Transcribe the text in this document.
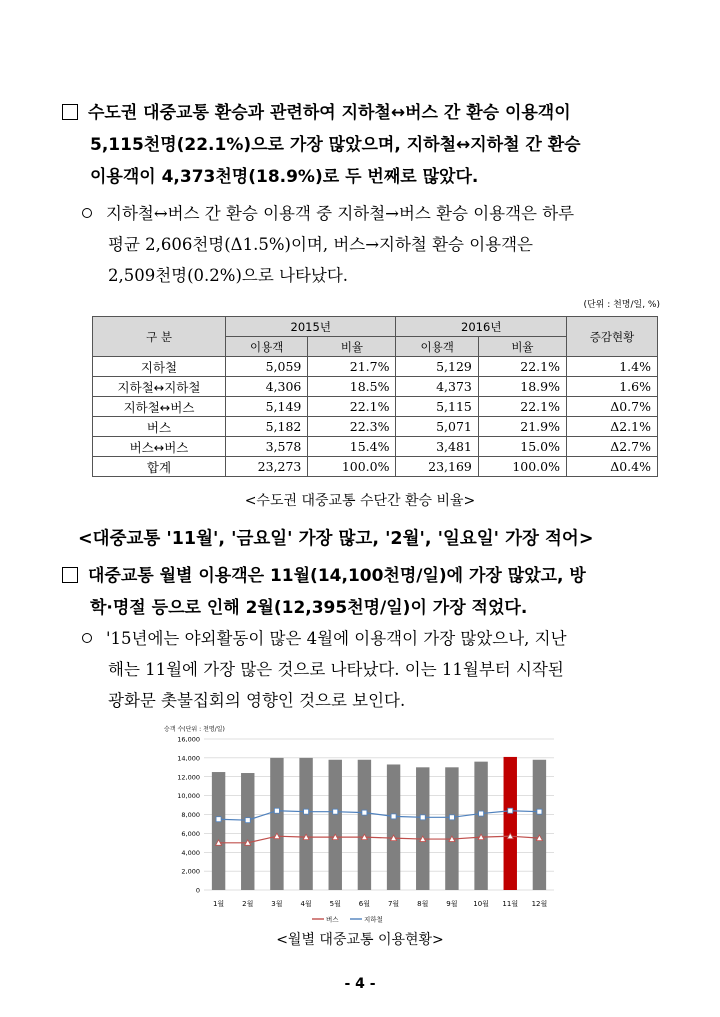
수도권 대중교통 환승과 관련하여 지하철↔버스 간 환승 이용객이
5,115천명(22.1%)으로 가장 많았으며, 지하철↔지하철 간 환승
이용객이 4,373천명(18.9%)로 두 번째로 많았다.
지하철↔버스 간 환승 이용객 중 지하철→버스 환승 이용객은 하루
평균 2,606천명(Δ1.5%)이며, 버스→지하철 환승 이용객은
2,509천명(0.2%)으로 나타났다.
(단위 : 천명/일, %)
구 분	2015년		2016년		증감현황
	이용객	비율	이용객	비율	
지하철	5,059	21.7%	5,129	22.1%	1.4%
지하철↔지하철	4,306	18.5%	4,373	18.9%	1.6%
지하철↔버스	5,149	22.1%	5,115	22.1%	Δ0.7%
버스	5,182	22.3%	5,071	21.9%	Δ2.1%
버스↔버스	3,578	15.4%	3,481	15.0%	Δ2.7%
합계	23,273	100.0%	23,169	100.0%	Δ0.4%
<수도권 대중교통 수단간 환승 비율>
<대중교통 '11월', '금요일' 가장 많고, '2월', '일요일' 가장 적어>
대중교통 월별 이용객은 11월(14,100천명/일)에 가장 많았고, 방
학·명절 등으로 인해 2월(12,395천명/일)이 가장 적었다.
'15년에는 야외활동이 많은 4월에 이용객이 가장 많았으나, 지난
해는 11월에 가장 많은 것으로 나타났다. 이는 11월부터 시작된
광화문 촛불집회의 영향인 것으로 보인다.
승객 수(단위 : 천명/일)
0
2,000
4,000
6,000
8,000
10,000
12,000
14,000
16,000
1월	2월	3월	4월	5월	6월	7월	8월	9월 10월 11월 12월
버스	지하철
<월별 대중교통 이용현황>
- 4 -
